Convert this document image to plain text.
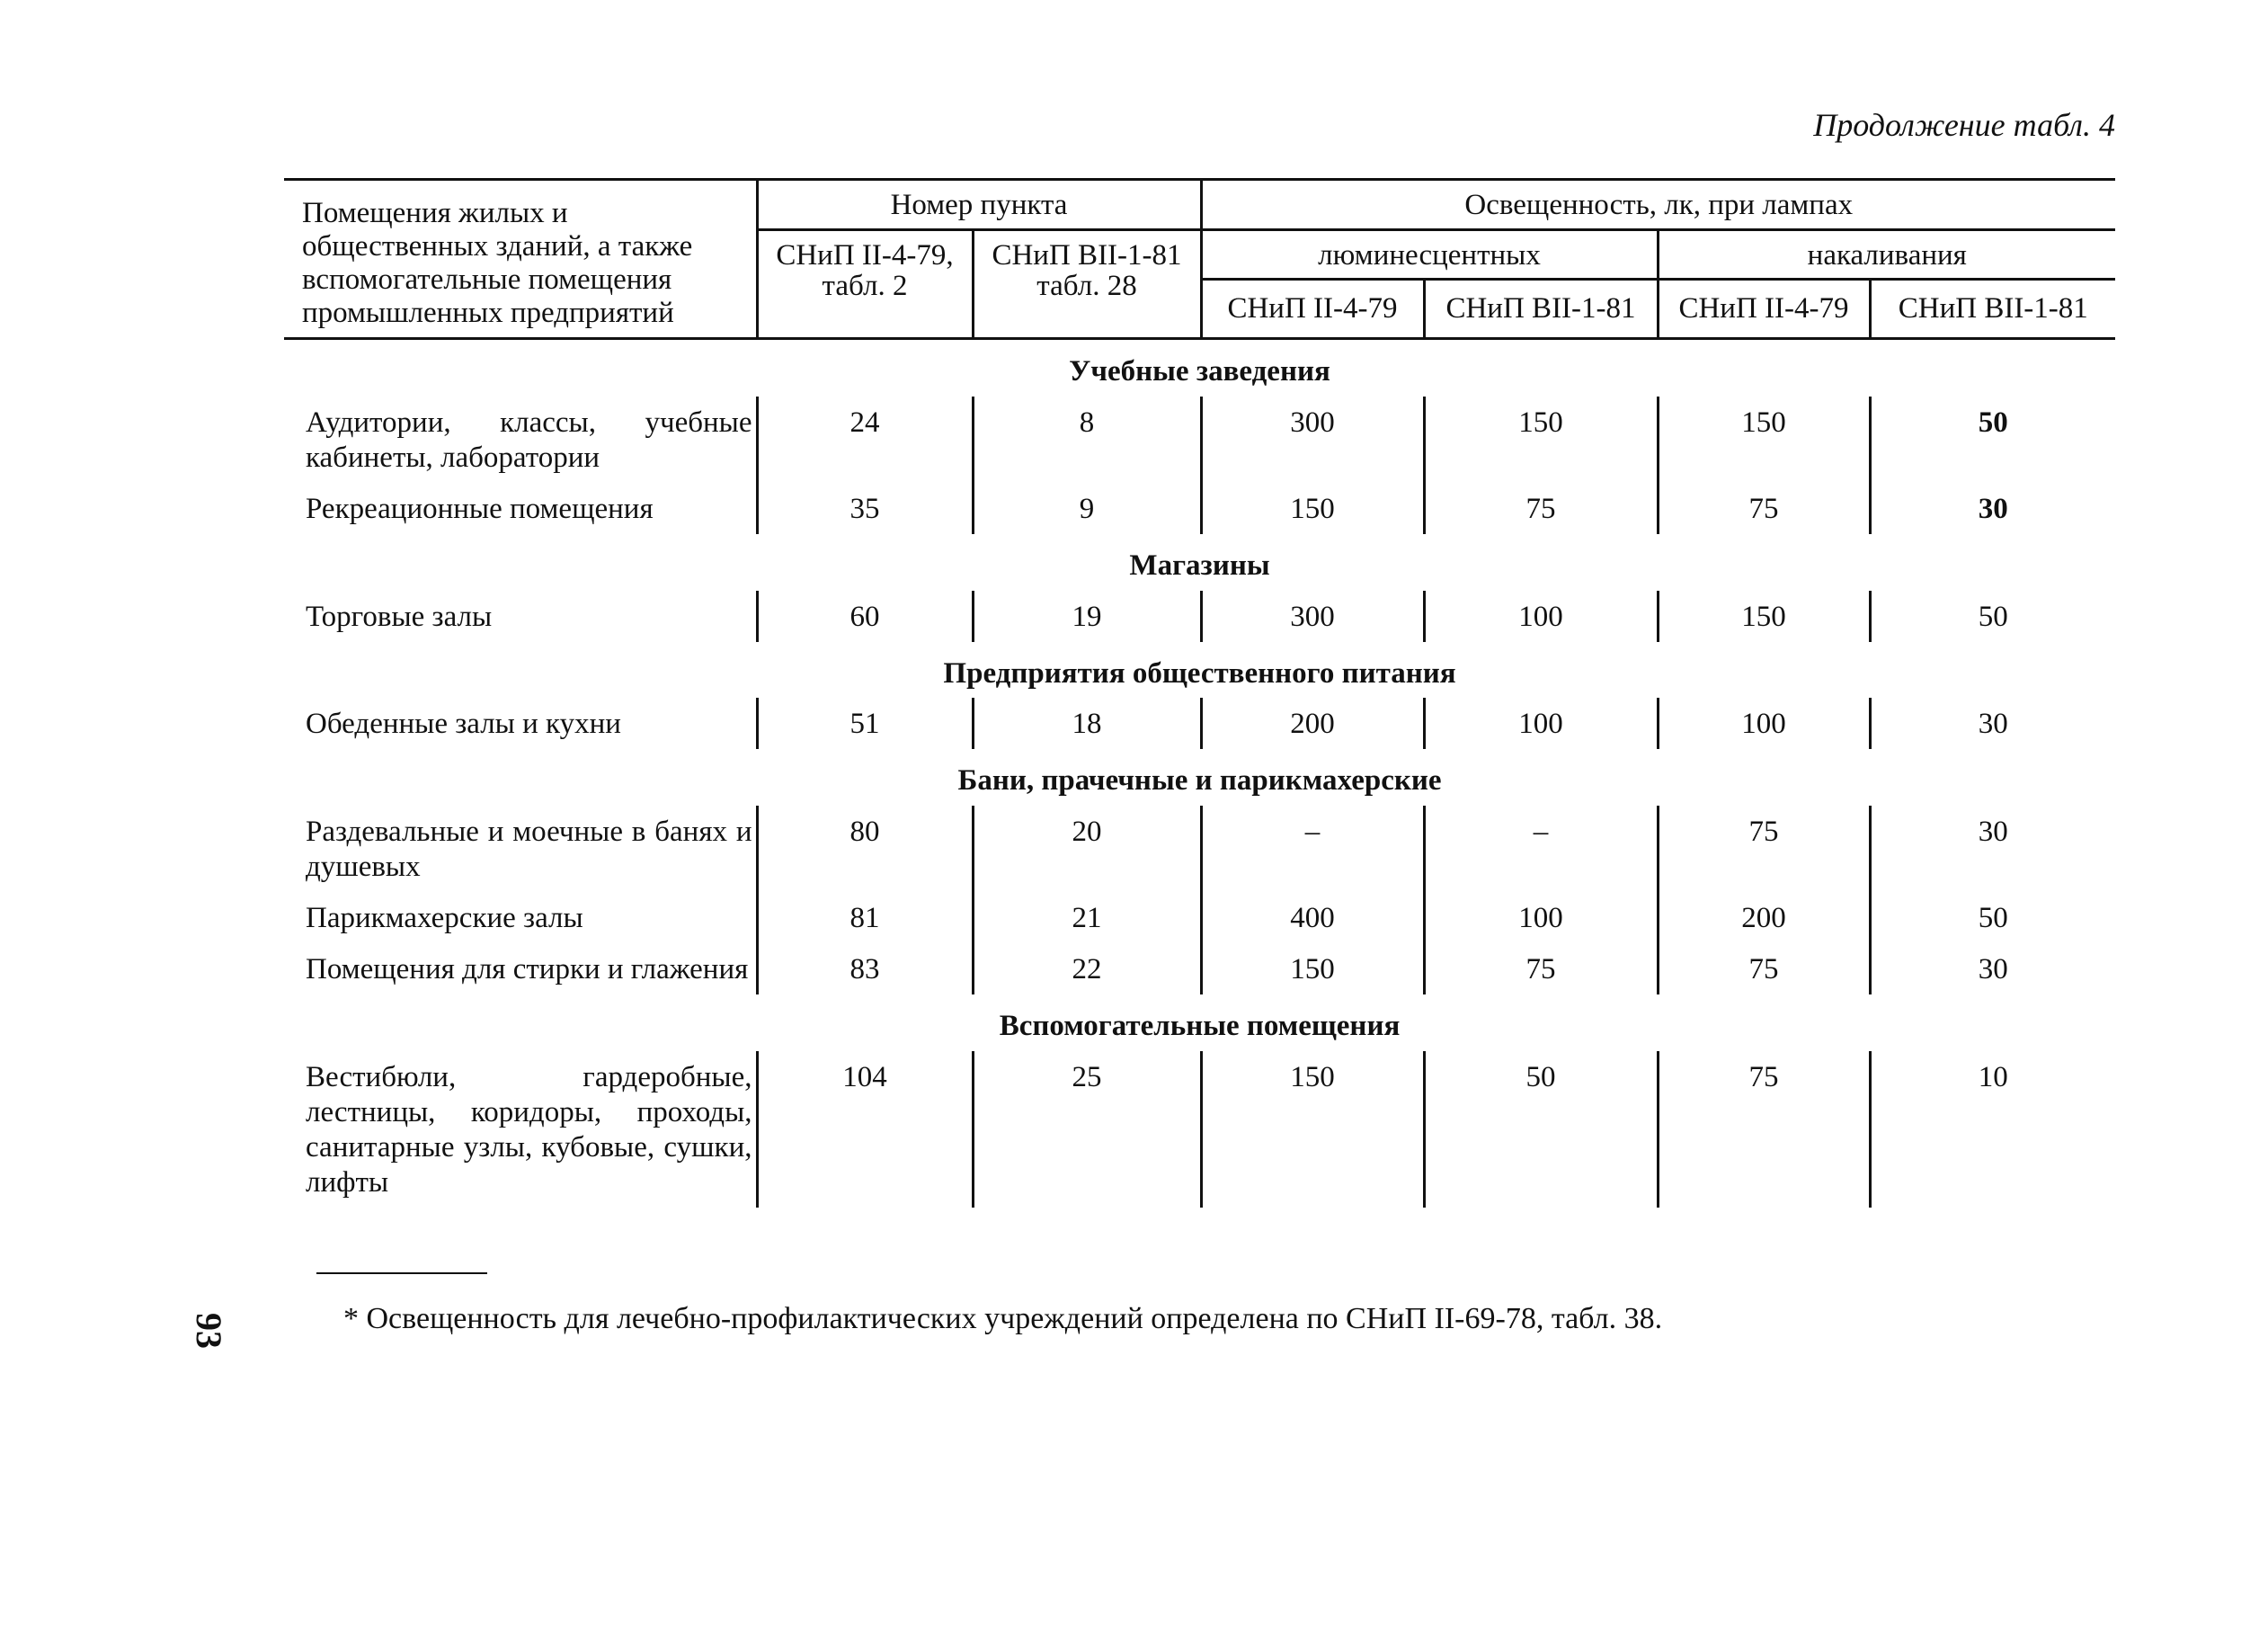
Продолжение табл. 4
Помещения жилых и общественных зданий, а также вспомогательные помещения промышленных предприятий	Номер пункта		Освещенность, лк, при лампах			
	СНиП II-4-79, табл. 2	СНиП ВII-1-81 табл. 28	люминесцентных		накаливания	
			СНиП II-4-79	СНиП ВII-1-81	СНиП II-4-79	СНиП ВII-1-81
Учебные заведения						
Аудитории, классы, учебные кабинеты, лаборатории	24	8	300	150	150	50
Рекреационные помещения	35	9	150	75	75	30
Магазины						
Торговые залы	60	19	300	100	150	50
Предприятия общественного питания						
Обеденные залы и кухни	51	18	200	100	100	30
Бани, прачечные и парикмахерские						
Раздевальные и моечные в банях и душевых	80	20	–	–	75	30
Парикмахерские залы	81	21	400	100	200	50
Помещения для стирки и глажения	83	22	150	75	75	30
Вспомогательные помещения						
Вестибюли, гардеробные, лестницы, коридоры, проходы, санитарные узлы, кубовые, сушки, лифты	104	25	150	50	75	10
* Освещенность для лечебно-профилактических учреждений определена по СНиП II-69-78, табл. 38.
93
